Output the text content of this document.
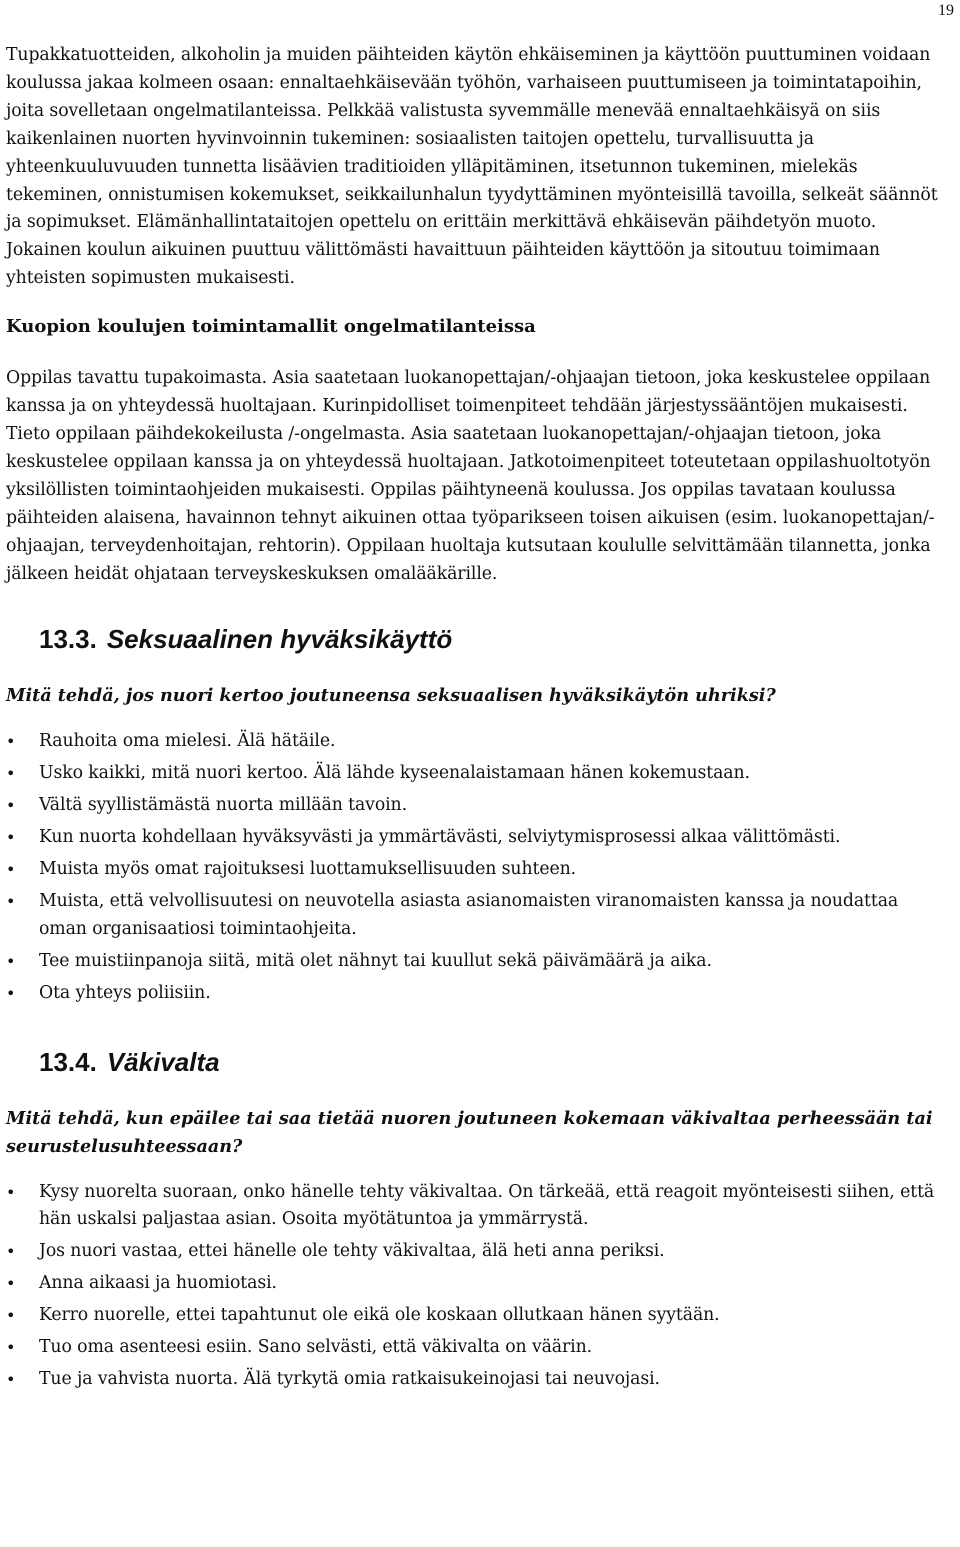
19

Tupakkatuotteiden, alkoholin ja muiden päihteiden käytön ehkäiseminen ja käyttöön puuttuminen voidaan koulussa jakaa kolmeen osaan: ennaltaehkäisevään työhön, varhaiseen puuttumiseen ja toimintatapoihin, joita sovelletaan ongelmatilanteissa. Pelkkää valistusta syvemmälle menevää ennaltaehkäisyä on siis kaikenlainen nuorten hyvinvoinnin tukeminen: sosiaalisten taitojen opettelu, turvallisuutta ja yhteenkuuluvuuden tunnetta lisäävien traditioiden ylläpitäminen, itsetunnon tukeminen, mielekäs tekeminen, onnistumisen kokemukset, seikkailunhalun tyydyttäminen myönteisillä tavoilla, selkeät säännöt ja sopimukset. Elämänhallintataitojen opettelu on erittäin merkittävä ehkäisevän päihdetyön muoto. Jokainen koulun aikuinen puuttuu välittömästi havaittuun päihteiden käyttöön ja sitoutuu toimimaan yhteisten sopimusten mukaisesti.

Kuopion koulujen toimintamallit ongelmatilanteissa

Oppilas tavattu tupakoimasta. Asia saatetaan luokanopettajan/-ohjaajan tietoon, joka keskustelee oppilaan kanssa ja on yhteydessä huoltajaan. Kurinpidolliset toimenpiteet tehdään järjestyssääntöjen mukaisesti. Tieto oppilaan päihdekokeilusta /-ongelmasta. Asia saatetaan luokanopettajan/-ohjaajan tietoon, joka keskustelee oppilaan kanssa ja on yhteydessä huoltajaan. Jatkotoimenpiteet toteutetaan oppilashuoltotyön yksilöllisten toimintaohjeiden mukaisesti. Oppilas päihtyneenä koulussa. Jos oppilas tavataan koulussa päihteiden alaisena, havainnon tehnyt aikuinen ottaa työparikseen toisen aikuisen (esim. luokanopettajan/-ohjaajan, terveydenhoitajan, rehtorin). Oppilaan huoltaja kutsutaan koululle selvittämään tilannetta, jonka jälkeen heidät ohjataan terveyskeskuksen omalääkärille.

13.3. Seksuaalinen hyväksikäyttö
Mitä tehdä, jos nuori kertoo joutuneensa seksuaalisen hyväksikäytön uhriksi?
• Rauhoita oma mielesi. Älä hätäile.
• Usko kaikki, mitä nuori kertoo. Älä lähde kyseenalaistamaan hänen kokemustaan.
• Vältä syyllistämästä nuorta millään tavoin.
• Kun nuorta kohdellaan hyväksyvästi ja ymmärtävästi, selviytymisprosessi alkaa välittömästi.
• Muista myös omat rajoituksesi luottamuksellisuuden suhteen.
• Muista, että velvollisuutesi on neuvotella asiasta asianomaisten viranomaisten kanssa ja noudattaa oman organisaatiosi toimintaohjeita.
• Tee muistiinpanoja siitä, mitä olet nähnyt tai kuullut sekä päivämäärä ja aika.
• Ota yhteys poliisiin.
13.4. Väkivalta
Mitä tehdä, kun epäilee tai saa tietää nuoren joutuneen kokemaan väkivaltaa perheessään tai seurustelusuhteessaan?
• Kysy nuorelta suoraan, onko hänelle tehty väkivaltaa. On tärkeää, että reagoit myönteisesti siihen, että hän uskalsi paljastaa asian. Osoita myötätuntoa ja ymmärrystä.
• Jos nuori vastaa, ettei hänelle ole tehty väkivaltaa, älä heti anna periksi.
• Anna aikaasi ja huomiotasi.
• Kerro nuorelle, ettei tapahtunut ole eikä ole koskaan ollutkaan hänen syytään.
• Tuo oma asenteesi esiin. Sano selvästi, että väkivalta on väärin.
• Tue ja vahvista nuorta. Älä tyrkytä omia ratkaisukeinojasi tai neuvojasi.
